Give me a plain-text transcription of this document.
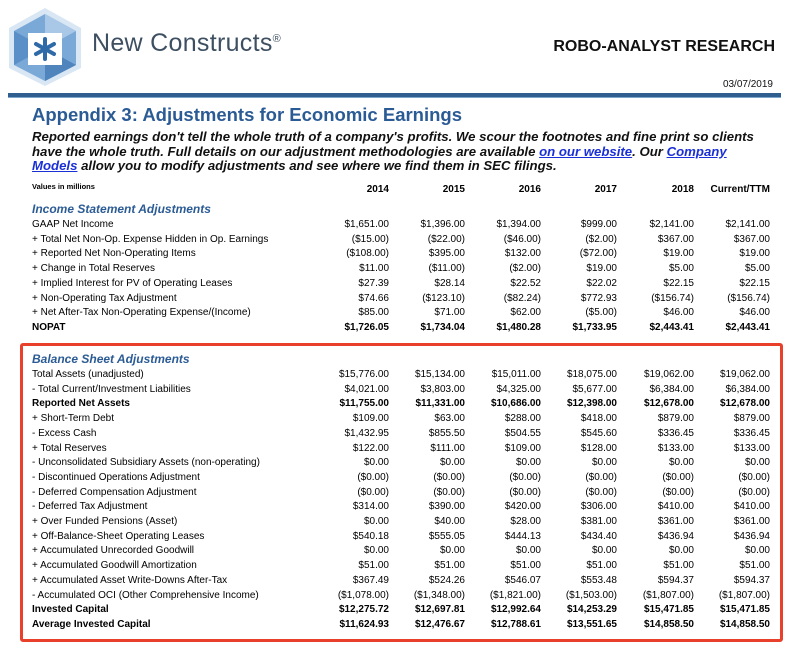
New Constructs®	ROBO-ANALYST RESEARCH
03/07/2019
Appendix 3: Adjustments for Economic Earnings
Reported earnings don't tell the whole truth of a company's profits. We scour the footnotes and fine print so clients have the whole truth. Full details on our adjustment methodologies are available on our website. Our Company Models allow you to modify adjustments and see where we find them in SEC filings.
Values in millions	2014	2015	2016	2017	2018	Current/TTM
Income Statement Adjustments
GAAP Net Income	$1,651.00	$1,396.00	$1,394.00	$999.00	$2,141.00	$2,141.00
+ Total Net Non-Op. Expense Hidden in Op. Earnings	($15.00)	($22.00)	($46.00)	($2.00)	$367.00	$367.00
+ Reported Net Non-Operating Items	($108.00)	$395.00	$132.00	($72.00)	$19.00	$19.00
+ Change in Total Reserves	$11.00	($11.00)	($2.00)	$19.00	$5.00	$5.00
+ Implied Interest for PV of Operating Leases	$27.39	$28.14	$22.52	$22.02	$22.15	$22.15
+ Non-Operating Tax Adjustment	$74.66	($123.10)	($82.24)	$772.93	($156.74)	($156.74)
+ Net After-Tax Non-Operating Expense/(Income)	$85.00	$71.00	$62.00	($5.00)	$46.00	$46.00
NOPAT	$1,726.05	$1,734.04	$1,480.28	$1,733.95	$2,443.41	$2,443.41
Balance Sheet Adjustments
Total Assets (unadjusted)	$15,776.00	$15,134.00	$15,011.00	$18,075.00	$19,062.00	$19,062.00
- Total Current/Investment Liabilities	$4,021.00	$3,803.00	$4,325.00	$5,677.00	$6,384.00	$6,384.00
Reported Net Assets	$11,755.00	$11,331.00	$10,686.00	$12,398.00	$12,678.00	$12,678.00
+ Short-Term Debt	$109.00	$63.00	$288.00	$418.00	$879.00	$879.00
- Excess Cash	$1,432.95	$855.50	$504.55	$545.60	$336.45	$336.45
+ Total Reserves	$122.00	$111.00	$109.00	$128.00	$133.00	$133.00
- Unconsolidated Subsidiary Assets (non-operating)	$0.00	$0.00	$0.00	$0.00	$0.00	$0.00
- Discontinued Operations Adjustment	($0.00)	($0.00)	($0.00)	($0.00)	($0.00)	($0.00)
- Deferred Compensation Adjustment	($0.00)	($0.00)	($0.00)	($0.00)	($0.00)	($0.00)
- Deferred Tax Adjustment	$314.00	$390.00	$420.00	$306.00	$410.00	$410.00
+ Over Funded Pensions (Asset)	$0.00	$40.00	$28.00	$381.00	$361.00	$361.00
+ Off-Balance-Sheet Operating Leases	$540.18	$555.05	$444.13	$434.40	$436.94	$436.94
+ Accumulated Unrecorded Goodwill	$0.00	$0.00	$0.00	$0.00	$0.00	$0.00
+ Accumulated Goodwill Amortization	$51.00	$51.00	$51.00	$51.00	$51.00	$51.00
+ Accumulated Asset Write-Downs After-Tax	$367.49	$524.26	$546.07	$553.48	$594.37	$594.37
- Accumulated OCI (Other Comprehensive Income)	($1,078.00)	($1,348.00)	($1,821.00)	($1,503.00)	($1,807.00)	($1,807.00)
Invested Capital	$12,275.72	$12,697.81	$12,992.64	$14,253.29	$15,471.85	$15,471.85
Average Invested Capital	$11,624.93	$12,476.67	$12,788.61	$13,551.65	$14,858.50	$14,858.50
